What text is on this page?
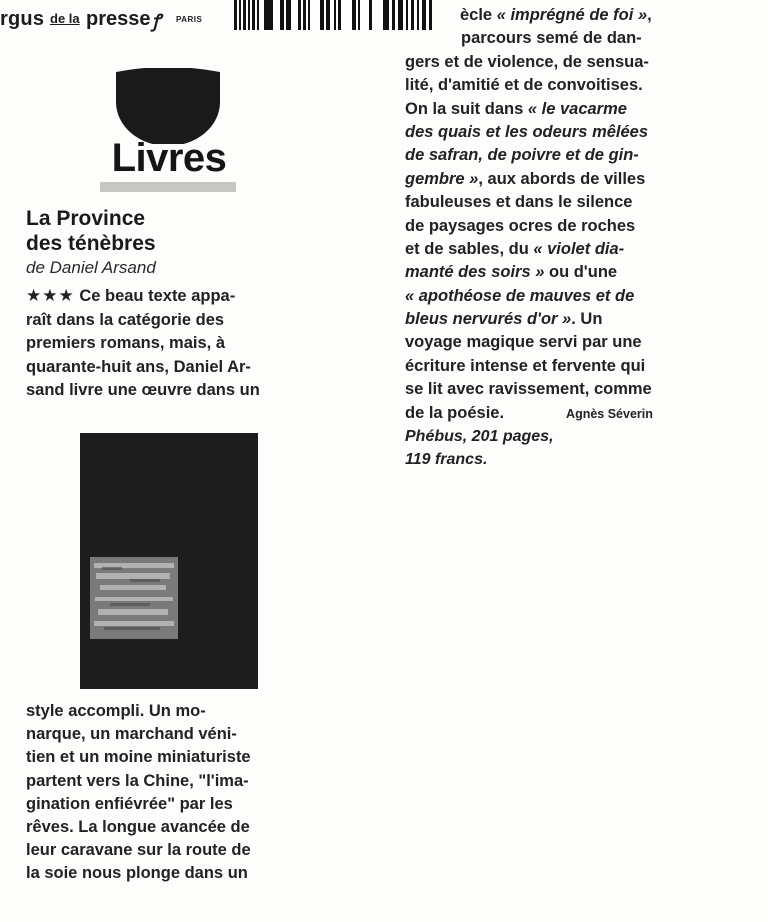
rgus de la presse ꝭ PARIS
Livres
La Province
des ténèbres
de Daniel Arsand
★★★ Ce beau texte appa-
raît dans la catégorie des
premiers romans, mais, à
quarante-huit ans, Daniel Ar-
sand livre une œuvre dans un
style accompli. Un mo-
narque, un marchand véni-
tien et un moine miniaturiste
partent vers la Chine, "l'ima-
gination enfiévrée" par les
rêves. La longue avancée de
leur caravane sur la route de
la soie nous plonge dans un
ècle « imprégné de foi »,
parcours semé de dan-
gers et de violence, de sensua-
lité, d'amitié et de convoitises.
On la suit dans « le vacarme
des quais et les odeurs mêlées
de safran, de poivre et de gin-
gembre », aux abords de villes
fabuleuses et dans le silence
de paysages ocres de roches
et de sables, du « violet dia-
manté des soirs » ou d'une
« apothéose de mauves et de
bleus nervurés d'or ». Un
voyage magique servi par une
écriture intense et fervente qui
se lit avec ravissement, comme
de la poésie.	Agnès Séverin
Phébus, 201 pages,
119 francs.
